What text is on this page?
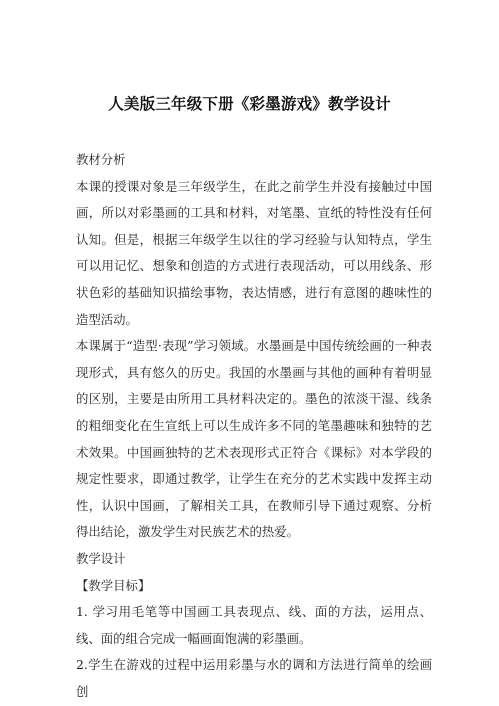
人美版三年级下册《彩墨游戏》教学设计

教材分析

本课的授课对象是三年级学生，在此之前学生并没有接触过中国画，所以对彩墨画的工具和材料，对笔墨、宣纸的特性没有任何认知。但是，根据三年级学生以往的学习经验与认知特点，学生可以用记忆、想象和创造的方式进行表现活动，可以用线条、形状色彩的基础知识描绘事物，表达情感，进行有意图的趣味性的造型活动。

本课属于“造型·表现”学习领域。水墨画是中国传统绘画的一种表现形式，具有悠久的历史。我国的水墨画与其他的画种有着明显的区别，主要是由所用工具材料决定的。墨色的浓淡干湿、线条的粗细变化在生宣纸上可以生成许多不同的笔墨趣味和独特的艺术效果。中国画独特的艺术表现形式正符合《课标》对本学段的规定性要求，即通过教学，让学生在充分的艺术实践中发挥主动性，认识中国画，了解相关工具，在教师引导下通过观察、分析得出结论，激发学生对民族艺术的热爱。

教学设计

【教学目标】

1. 学习用毛笔等中国画工具表现点、线、面的方法，运用点、线、面的组合完成一幅画面饱满的彩墨画。

2.学生在游戏的过程中运用彩墨与水的调和方法进行简单的绘画创
